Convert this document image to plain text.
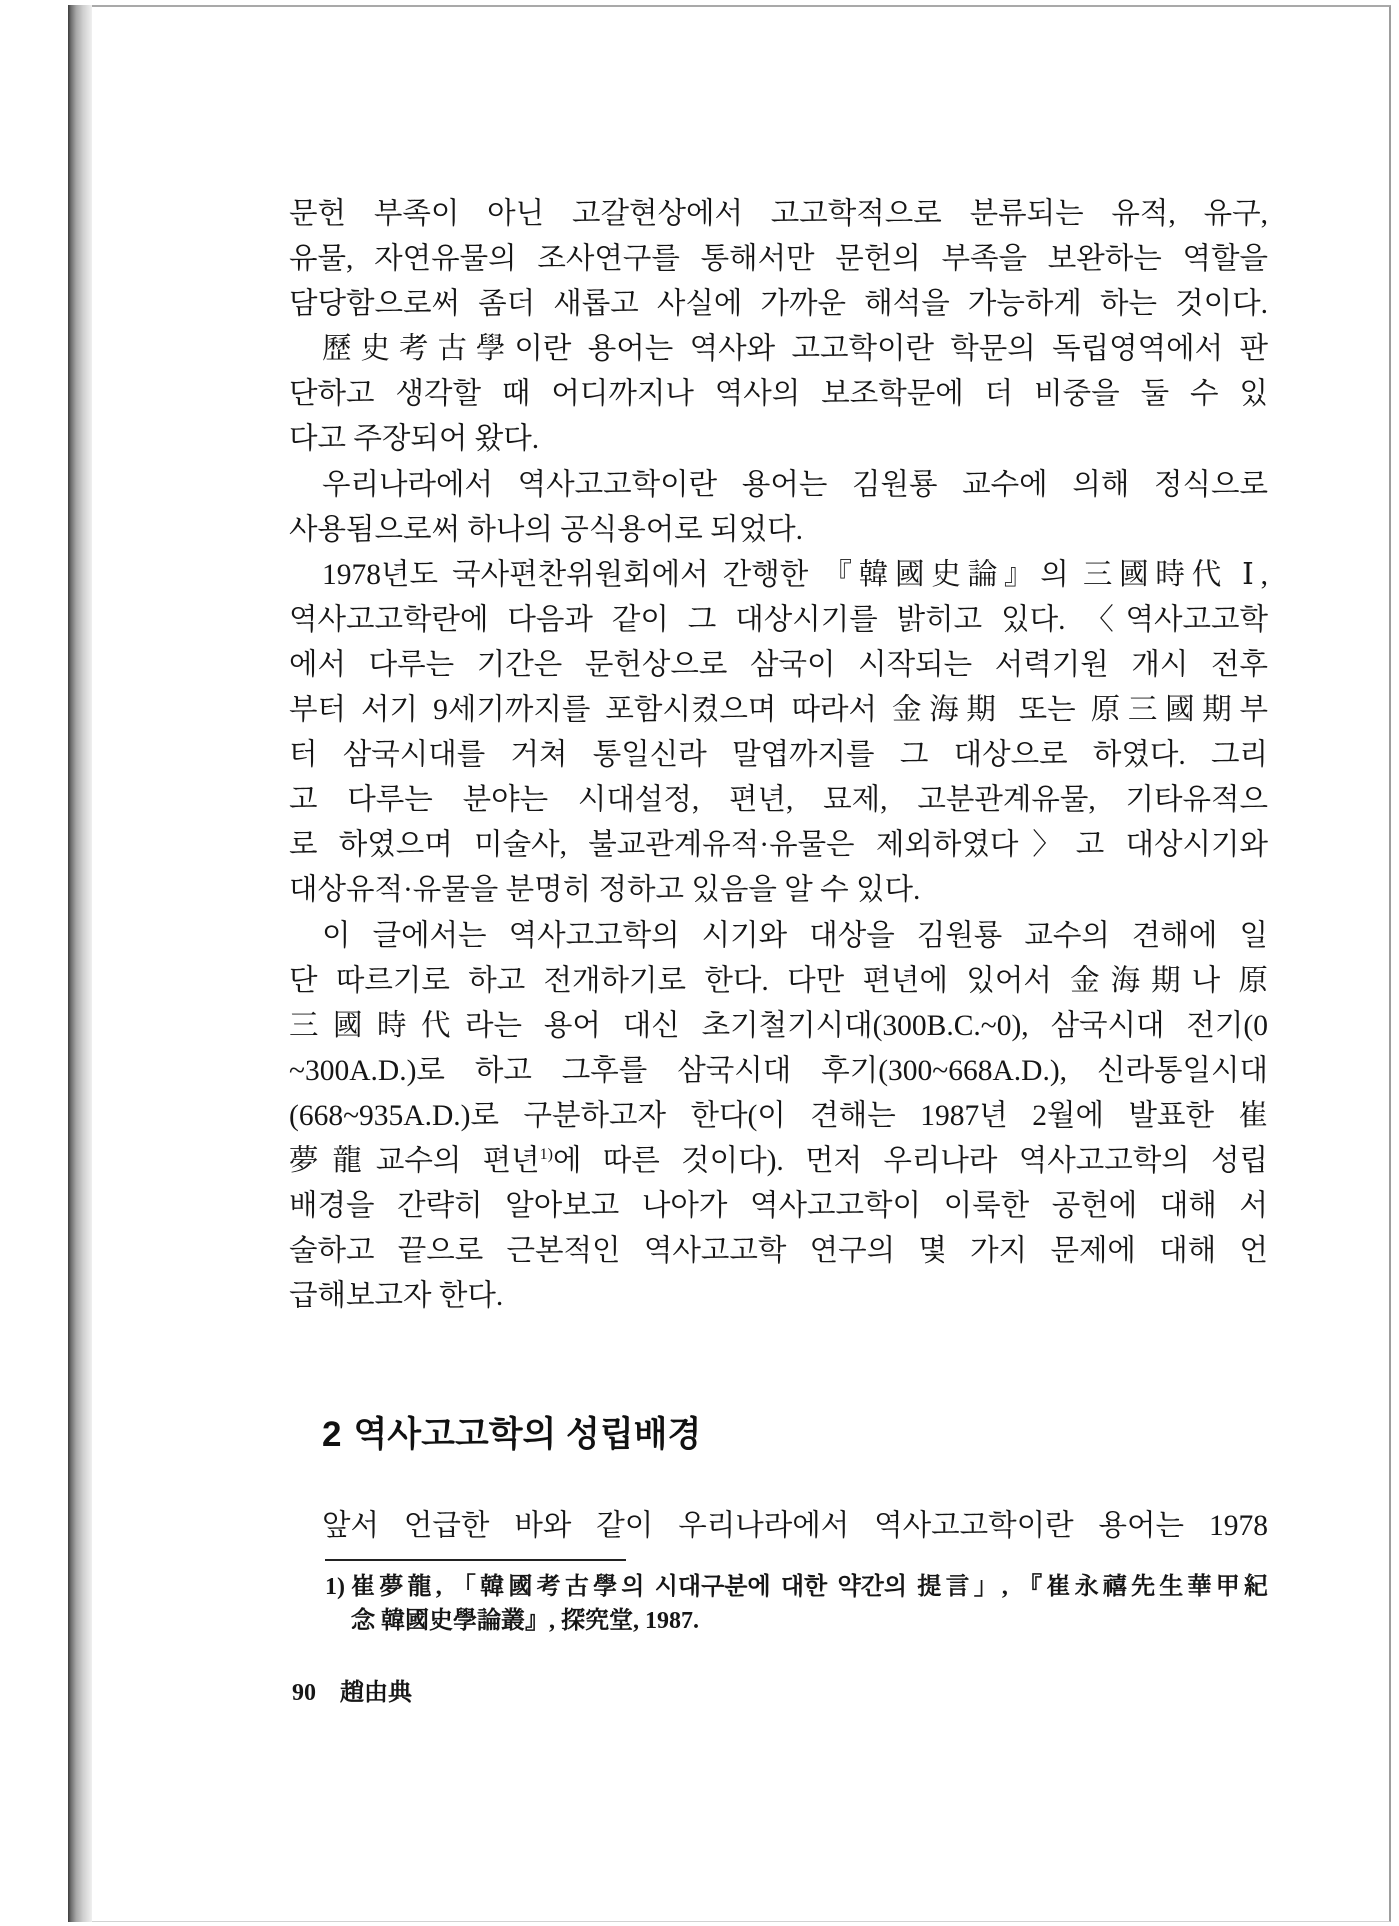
문헌 부족이 아닌 고갈현상에서 고고학적으로 분류되는 유적, 유구,
유물, 자연유물의 조사연구를 통해서만 문헌의 부족을 보완하는 역할을
담당함으로써 좀더 새롭고 사실에 가까운 해석을 가능하게 하는 것이다.
歷史考古學이란 용어는 역사와 고고학이란 학문의 독립영역에서 판
단하고 생각할 때 어디까지나 역사의 보조학문에 더 비중을 둘 수 있
다고 주장되어 왔다.
우리나라에서 역사고고학이란 용어는 김원룡 교수에 의해 정식으로
사용됨으로써 하나의 공식용어로 되었다.
1978년도 국사편찬위원회에서 간행한 『韓國史論』의 三國時代 Ⅰ,
역사고고학란에 다음과 같이 그 대상시기를 밝히고 있다. 〈역사고고학
에서 다루는 기간은 문헌상으로 삼국이 시작되는 서력기원 개시 전후
부터 서기 9세기까지를 포함시켰으며 따라서 金海期 또는 原三國期부
터 삼국시대를 거쳐 통일신라 말엽까지를 그 대상으로 하였다. 그리
고 다루는 분야는 시대설정, 편년, 묘제, 고분관계유물, 기타유적으
로 하였으며 미술사, 불교관계유적·유물은 제외하였다〉고 대상시기와
대상유적·유물을 분명히 정하고 있음을 알 수 있다.
이 글에서는 역사고고학의 시기와 대상을 김원룡 교수의 견해에 일
단 따르기로 하고 전개하기로 한다. 다만 편년에 있어서 金海期나 原
三國時代라는 용어 대신 초기철기시대(300B.C.~0), 삼국시대 전기(0
~300A.D.)로 하고 그후를 삼국시대 후기(300~668A.D.), 신라통일시대
(668~935A.D.)로 구분하고자 한다(이 견해는 1987년 2월에 발표한 崔
夢龍교수의 편년$^{1)}$에 따른 것이다). 먼저 우리나라 역사고고학의 성립
배경을 간략히 알아보고 나아가 역사고고학이 이룩한 공헌에 대해 서
술하고 끝으로 근본적인 역사고고학 연구의 몇 가지 문제에 대해 언
급해보고자 한다.
2 역사고고학의 성립배경
앞서 언급한 바와 같이 우리나라에서 역사고고학이란 용어는 1978
1) 崔夢龍, 「韓國考古學의 시대구분에 대한 약간의 提言」, 『崔永禧先生華甲紀
念 韓國史學論叢』, 探究堂, 1987.
90 趙由典
